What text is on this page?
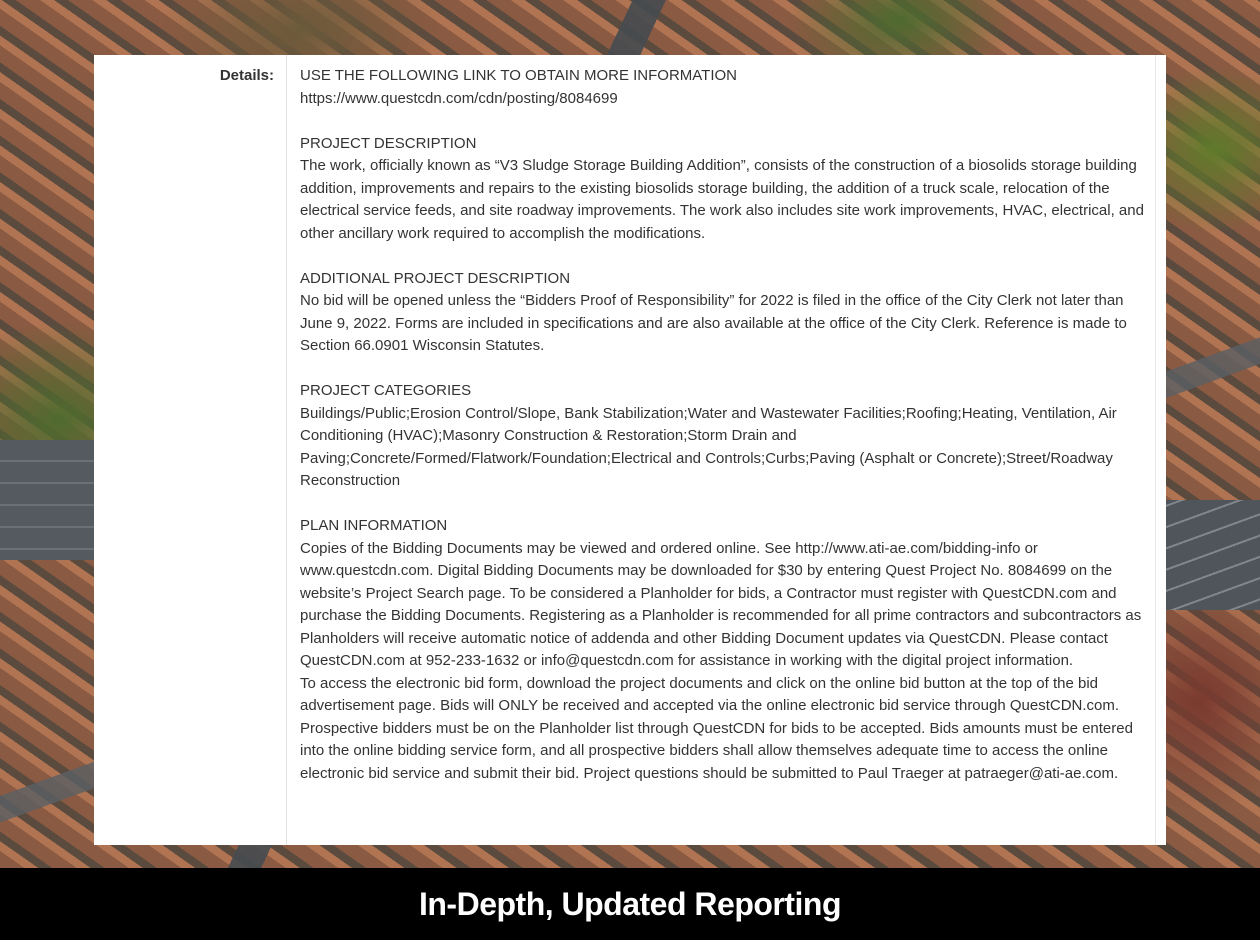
Details: USE THE FOLLOWING LINK TO OBTAIN MORE INFORMATION

https://www.questcdn.com/cdn/posting/8084699

PROJECT DESCRIPTION

The work, officially known as “V3 Sludge Storage Building Addition”, consists of the construction of a biosolids storage building addition, improvements and repairs to the existing biosolids storage building, the addition of a truck scale, relocation of the electrical service feeds, and site roadway improvements. The work also includes site work improvements, HVAC, electrical, and other ancillary work required to accomplish the modifications.

ADDITIONAL PROJECT DESCRIPTION

No bid will be opened unless the “Bidders Proof of Responsibility” for 2022 is filed in the office of the City Clerk not later than June 9, 2022. Forms are included in specifications and are also available at the office of the City Clerk. Reference is made to Section 66.0901 Wisconsin Statutes.

PROJECT CATEGORIES

Buildings/Public;Erosion Control/Slope, Bank Stabilization;Water and Wastewater Facilities;Roofing;Heating, Ventilation, Air Conditioning (HVAC);Masonry Construction & Restoration;Storm Drain and Paving;Concrete/Formed/Flatwork/Foundation;Electrical and Controls;Curbs;Paving (Asphalt or Concrete);Street/Roadway Reconstruction

PLAN INFORMATION

Copies of the Bidding Documents may be viewed and ordered online. See http://www.ati-ae.com/bidding-info or www.questcdn.com. Digital Bidding Documents may be downloaded for $30 by entering Quest Project No. 8084699 on the website’s Project Search page. To be considered a Planholder for bids, a Contractor must register with QuestCDN.com and purchase the Bidding Documents. Registering as a Planholder is recommended for all prime contractors and subcontractors as Planholders will receive automatic notice of addenda and other Bidding Document updates via QuestCDN. Please contact QuestCDN.com at 952-233-1632 or info@questcdn.com for assistance in working with the digital project information.

To access the electronic bid form, download the project documents and click on the online bid button at the top of the bid advertisement page. Bids will ONLY be received and accepted via the online electronic bid service through QuestCDN.com. Prospective bidders must be on the Planholder list through QuestCDN for bids to be accepted. Bids amounts must be entered into the online bidding service form, and all prospective bidders shall allow themselves adequate time to access the online electronic bid service and submit their bid. Project questions should be submitted to Paul Traeger at patraeger@ati-ae.com.

In-Depth, Updated Reporting
